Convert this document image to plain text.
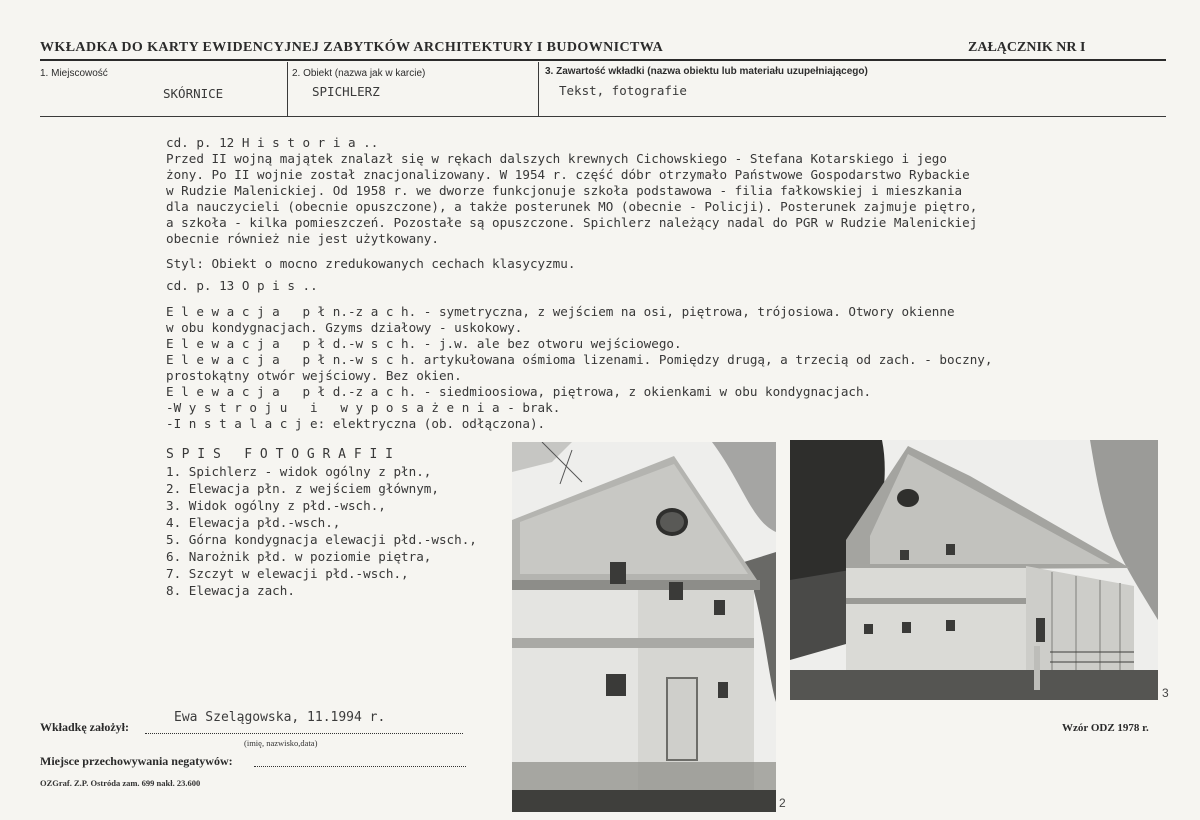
WKŁADKA DO KARTY EWIDENCYJNEJ ZABYTKÓW ARCHITEKTURY I BUDOWNICTWA	ZAŁĄCZNIK NR I
1. Miejscowość
SKÓRNICE
2. Obiekt (nazwa jak w karcie)
SPICHLERZ
3. Zawartość wkładki (nazwa obiektu lub materiału uzupełniającego)
Tekst, fotografie
cd. p. 12 H i s t o r i a ..
Przed II wojną majątek znalazł się w rękach dalszych krewnych Cichowskiego - Stefana Kotarskiego i jego
żony. Po II wojnie został znacjonalizowany. W 1954 r. część dóbr otrzymało Państwowe Gospodarstwo Rybackie
w Rudzie Malenickiej. Od 1958 r. we dworze funkcjonuje szkoła podstawowa - filia fałkowskiej i mieszkania
dla nauczycieli (obecnie opuszczone), a także posterunek MO (obecnie - Policji). Posterunek zajmuje piętro,
a szkoła - kilka pomieszczeń. Pozostałe są opuszczone. Spichlerz należący nadal do PGR w Rudzie Malenickiej
obecnie również nie jest użytkowany.
Styl: Obiekt o mocno zredukowanych cechach klasycyzmu.
cd. p. 13 O p i s ..
E l e w a c j a   p ł n.-z a c h. - symetryczna, z wejściem na osi, piętrowa, trójosiowa. Otwory okienne
w obu kondygnacjach. Gzyms działowy - uskokowy.
E l e w a c j a   p ł d.-w s c h. - j.w. ale bez otworu wejściowego.
E l e w a c j a   p ł n.-w s c h. artykułowana ośmioma lizenami. Pomiędzy drugą, a trzecią od zach. - boczny,
prostokątny otwór wejściowy. Bez okien.
E l e w a c j a   p ł d.-z a c h. - siedmioosiowa, piętrowa, z okienkami w obu kondygnacjach.
-W y s t r o j u   i   w y p o s a ż e n i a - brak.
-I n s t a l a c j e: elektryczna (ob. odłączona).
S P I S   F O T O G R A F I I
1. Spichlerz - widok ogólny z płn.,
2. Elewacja płn. z wejściem głównym,
3. Widok ogólny z płd.-wsch.,
4. Elewacja płd.-wsch.,
5. Górna kondygnacja elewacji płd.-wsch.,
6. Narożnik płd. w poziomie piętra,
7. Szczyt w elewacji płd.-wsch.,
8. Elewacja zach.
2
3
Wkładkę założył:
Ewa Szelągowska, 11.1994 r.
(imię, nazwisko,data)
Miejsce przechowywania negatywów:
OZGraf. Z.P. Ostróda zam. 699 nakł. 23.600
Wzór ODZ 1978 r.
